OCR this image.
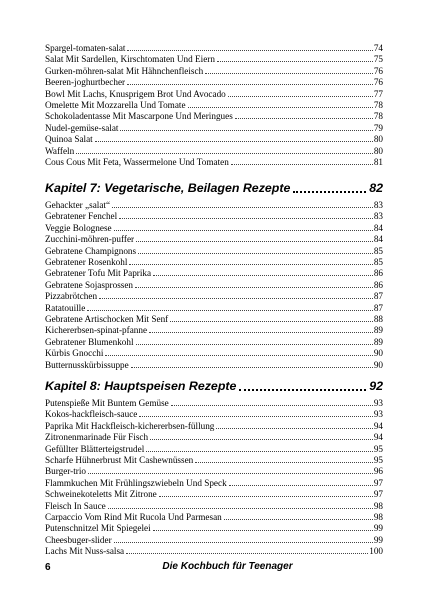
Spargel-tomaten-salat	74
Salat Mit Sardellen, Kirschtomaten Und Eiern	75
Gurken-möhren-salat Mit Hähnchenfleisch	76
Beeren-joghurtbecher	76
Bowl Mit Lachs, Knusprigem Brot Und Avocado	77
Omelette Mit Mozzarella Und Tomate	78
Schokoladentasse Mit Mascarpone Und Meringues	78
Nudel-gemüse-salat	79
Quinoa Salat	80
Waffeln	80
Cous Cous Mit Feta, Wassermelone Und Tomaten	81
Kapitel 7: Vegetarische, Beilagen Rezepte	82
Gehackter „salat“	83
Gebratener Fenchel	83
Veggie Bolognese	84
Zucchini-möhren-puffer	84
Gebratene Champignons	85
Gebratener Rosenkohl	85
Gebratener Tofu Mit Paprika	86
Gebratene Sojasprossen	86
Pizzabrötchen	87
Ratatouille	87
Gebratene Artischocken Mit Senf	88
Kichererbsen-spinat-pfanne	89
Gebratener Blumenkohl	89
Kürbis Gnocchi	90
Butternusskürbissuppe	90
Kapitel 8: Hauptspeisen Rezepte	92
Putenspieße Mit Buntem Gemüse	93
Kokos-hackfleisch-sauce	93
Paprika Mit Hackfleisch-kichererbsen-füllung	94
Zitronenmarinade Für Fisch	94
Gefüllter Blätterteigstrudel	95
Scharfe Hühnerbrust Mit Cashewnüssen	95
Burger-trio	96
Flammkuchen Mit Frühlingszwiebeln Und Speck	97
Schweinekoteletts Mit Zitrone	97
Fleisch In Sauce	98
Carpaccio Vom Rind Mit Rucola Und Parmesan	98
Putenschnitzel Mit Spiegelei	99
Cheesbuger-slider	99
Lachs Mit Nuss-salsa	100
6	Die Kochbuch für Teenager
